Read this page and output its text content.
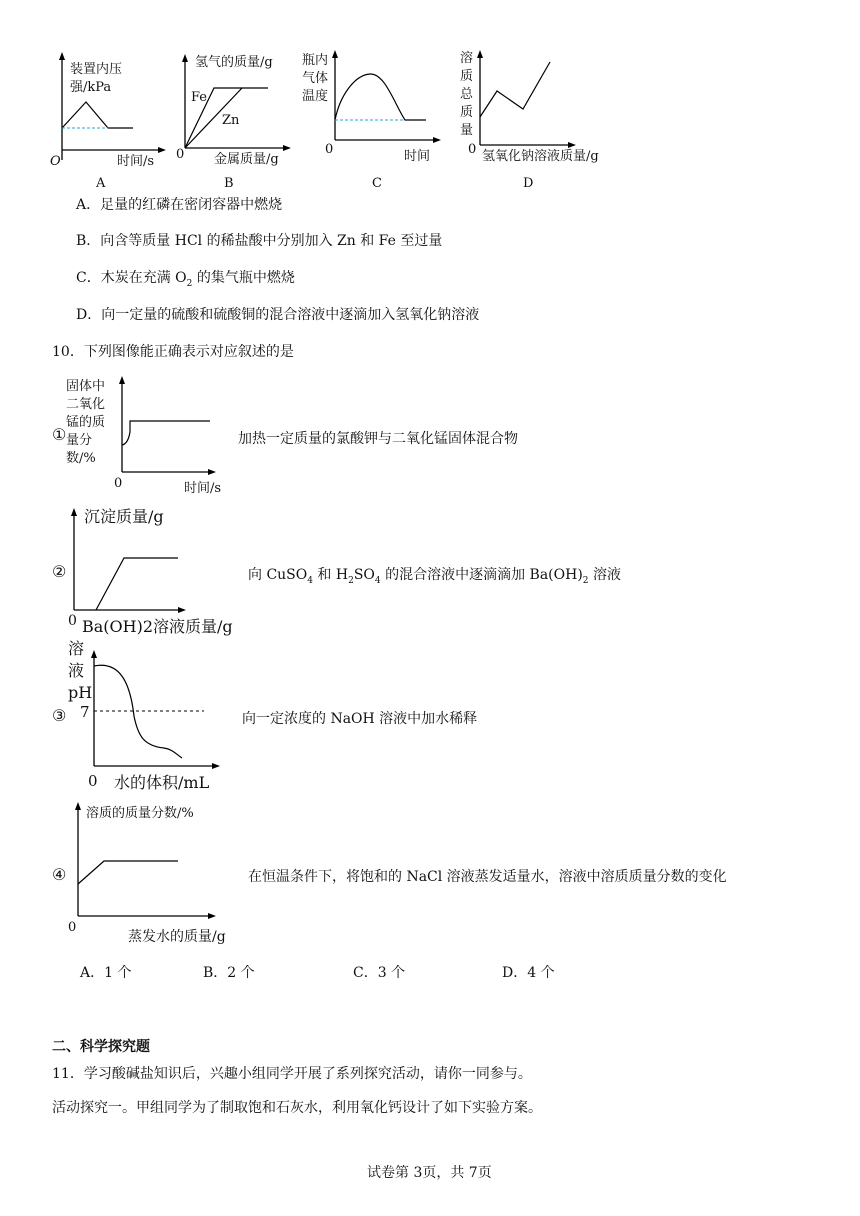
装置内压
强/kPa
O	时间/s
A
氢气的质量/g
Fe
Zn
0 金属质量/g
B
瓶内
气体
温度
0	时间
C
溶
质
总
质
量
0 氢氧化钠溶液质量/g
D
A．足量的红磷在密闭容器中燃烧
B．向含等质量 HCl 的稀盐酸中分别加入 Zn 和 Fe 至过量
C．木炭在充满 $O_2$ 的集气瓶中燃烧
D．向一定量的硫酸和硫酸铜的混合溶液中逐滴加入氢氧化钠溶液
10．下列图像能正确表示对应叙述的是
①
固体中
二氧化
锰的质
量分
数/%
0	时间/s
加热一定质量的氯酸钾与二氧化锰固体混合物
②
沉淀质量/g
0 Ba(OH)2溶液质量/g
向 CuSO$_4$ 和 $H_2SO_4$ 的混合溶液中逐滴滴加 $Ba(OH)_2$ 溶液
③
溶
液
pH
7
0 水的体积/mL
向一定浓度的 NaOH 溶液中加水稀释
④
溶质的质量分数/%
0
蒸发水的质量/g
在恒温条件下，将饱和的 NaCl 溶液蒸发适量水，溶液中溶质质量分数的变化
A．1 个	B．2 个	C．3 个	D．4 个
二、科学探究题
11．学习酸碱盐知识后，兴趣小组同学开展了系列探究活动，请你一同参与。
活动探究一。甲组同学为了制取饱和石灰水，利用氧化钙设计了如下实验方案。
试卷第 3页，共 7页
